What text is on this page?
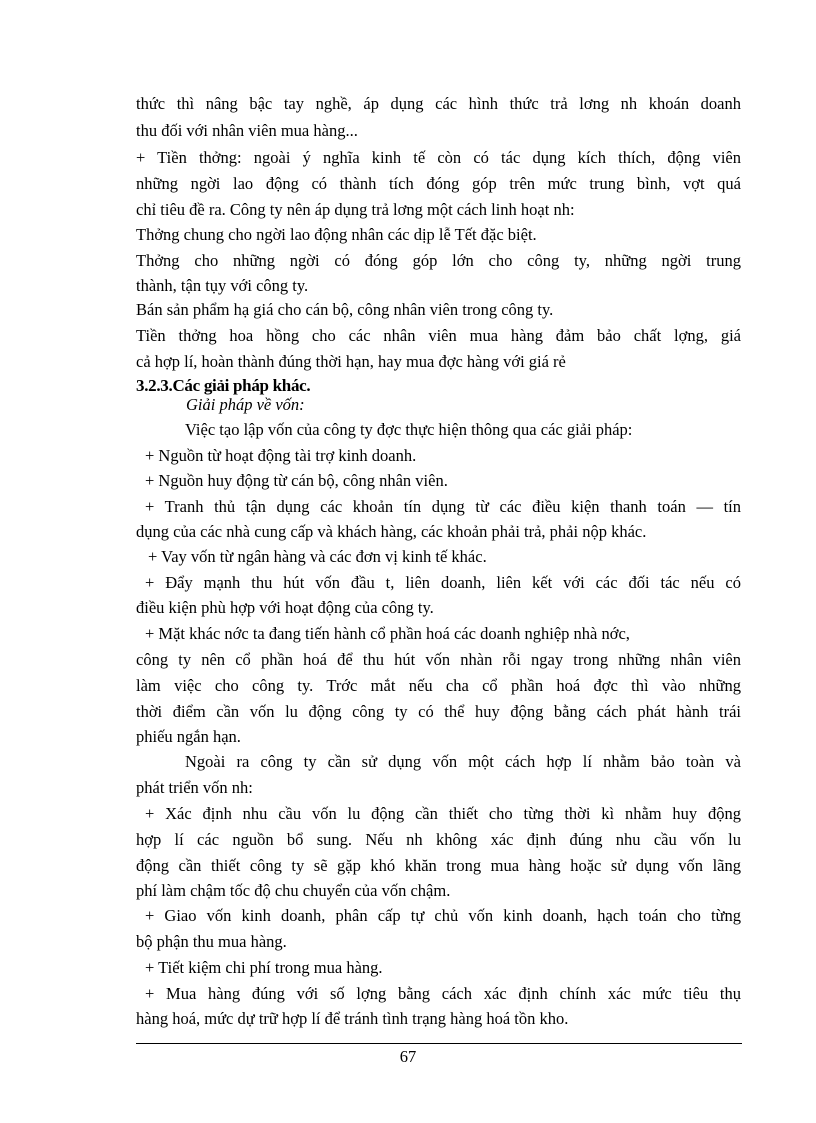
thức thì nâng bậc tay nghề, áp dụng các hình thức trả lơng nh khoán doanh
thu đối với nhân viên mua hàng...
+ Tiền thởng: ngoài ý nghĩa kinh tế còn có tác dụng kích thích, động viên
những ngời lao động có thành tích đóng góp trên mức trung bình, vợt quá
chỉ tiêu đề ra. Công ty nên áp dụng trả lơng một cách linh hoạt nh:
Thởng chung cho ngời lao động nhân các dịp lễ Tết đặc biệt.
Thởng cho những ngời có đóng góp lớn cho công ty, những ngời trung
thành, tận tụy với công ty.
Bán sản phẩm hạ giá cho cán bộ, công nhân viên trong công ty.
Tiền thởng hoa hồng cho các nhân viên mua hàng đảm bảo chất lợng, giá
cả hợp lí, hoàn thành đúng thời hạn, hay mua đợc hàng với giá rẻ
3.2.3.Các giải pháp khác.
Giải pháp về vốn:
Việc tạo lập vốn của công ty đợc thực hiện thông qua các giải pháp:
+ Nguồn từ hoạt động tài trợ kinh doanh.
+ Nguồn huy động từ cán bộ, công nhân viên.
+ Tranh thủ tận dụng các khoản tín dụng từ các điều kiện thanh toán — tín
dụng của các nhà cung cấp và khách hàng, các khoản phải trả, phải nộp khác.
+ Vay vốn từ ngân hàng và các đơn vị kinh tế khác.
+ Đẩy mạnh thu hút vốn đầu t, liên doanh, liên kết với các đối tác nếu có
điều kiện phù hợp với hoạt động của công ty.
+ Mặt khác nớc ta đang tiến hành cổ phần hoá các doanh nghiệp nhà nớc,
công ty nên cổ phần hoá để thu hút vốn nhàn rỗi ngay trong những nhân viên
làm việc cho công ty. Trớc mắt nếu cha cổ phần hoá đợc thì vào những
thời điểm cần vốn lu động công ty có thể huy động bằng cách phát hành trái
phiếu ngắn hạn.
Ngoài ra công ty cần sử dụng vốn một cách hợp lí nhằm bảo toàn và
phát triển vốn nh:
+ Xác định nhu cầu vốn lu động cần thiết cho từng thời kì nhằm huy động
hợp lí các nguồn bổ sung. Nếu nh không xác định đúng nhu cầu vốn lu
động cần thiết công ty sẽ gặp khó khăn trong mua hàng hoặc sử dụng vốn lãng
phí làm chậm tốc độ chu chuyển của vốn chậm.
+ Giao vốn kinh doanh, phân cấp tự chủ vốn kinh doanh, hạch toán cho từng
bộ phận thu mua hàng.
+ Tiết kiệm chi phí trong mua hàng.
+ Mua hàng đúng với số lợng bằng cách xác định chính xác mức tiêu thụ
hàng hoá, mức dự trữ hợp lí để tránh tình trạng hàng hoá tồn kho.
67
